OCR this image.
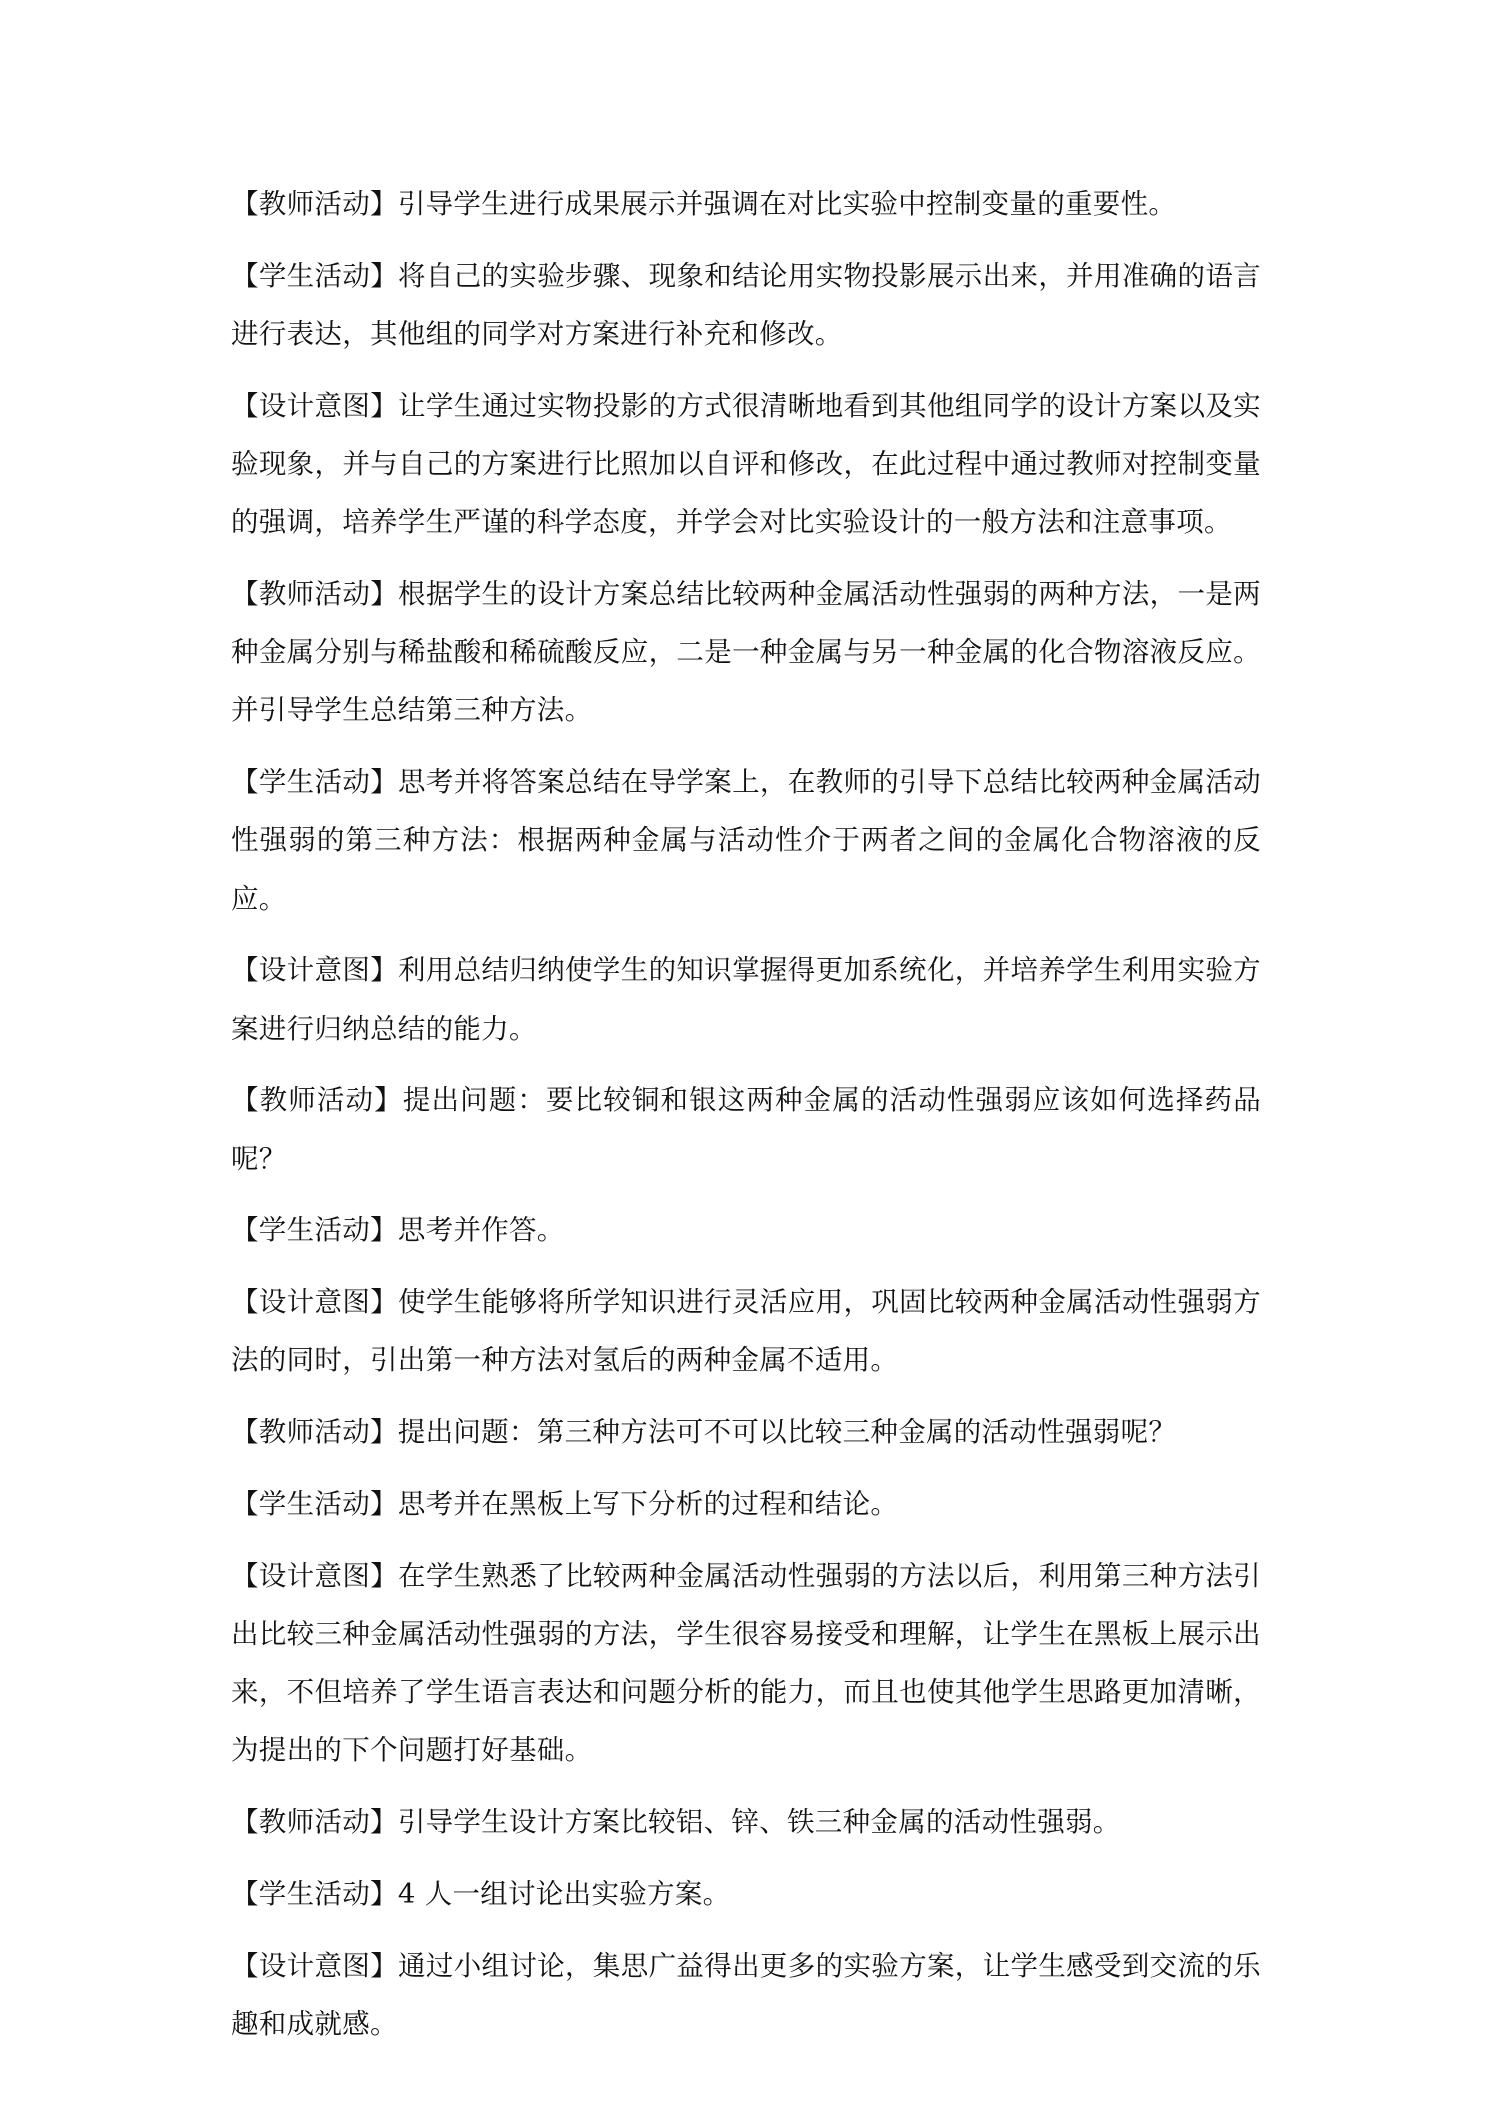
【教师活动】引导学生进行成果展示并强调在对比实验中控制变量的重要性。

【学生活动】将自己的实验步骤、现象和结论用实物投影展示出来，并用准确的语言进行表达，其他组的同学对方案进行补充和修改。

【设计意图】让学生通过实物投影的方式很清晰地看到其他组同学的设计方案以及实验现象，并与自己的方案进行比照加以自评和修改，在此过程中通过教师对控制变量的强调，培养学生严谨的科学态度，并学会对比实验设计的一般方法和注意事项。

【教师活动】根据学生的设计方案总结比较两种金属活动性强弱的两种方法，一是两种金属分别与稀盐酸和稀硫酸反应，二是一种金属与另一种金属的化合物溶液反应。并引导学生总结第三种方法。

【学生活动】思考并将答案总结在导学案上，在教师的引导下总结比较两种金属活动性强弱的第三种方法：根据两种金属与活动性介于两者之间的金属化合物溶液的反应。

【设计意图】利用总结归纳使学生的知识掌握得更加系统化，并培养学生利用实验方案进行归纳总结的能力。

【教师活动】提出问题：要比较铜和银这两种金属的活动性强弱应该如何选择药品呢？

【学生活动】思考并作答。

【设计意图】使学生能够将所学知识进行灵活应用，巩固比较两种金属活动性强弱方法的同时，引出第一种方法对氢后的两种金属不适用。

【教师活动】提出问题：第三种方法可不可以比较三种金属的活动性强弱呢？

【学生活动】思考并在黑板上写下分析的过程和结论。

【设计意图】在学生熟悉了比较两种金属活动性强弱的方法以后，利用第三种方法引出比较三种金属活动性强弱的方法，学生很容易接受和理解，让学生在黑板上展示出来，不但培养了学生语言表达和问题分析的能力，而且也使其他学生思路更加清晰，为提出的下个问题打好基础。

【教师活动】引导学生设计方案比较铝、锌、铁三种金属的活动性强弱。

【学生活动】4 人一组讨论出实验方案。

【设计意图】通过小组讨论，集思广益得出更多的实验方案，让学生感受到交流的乐趣和成就感。
